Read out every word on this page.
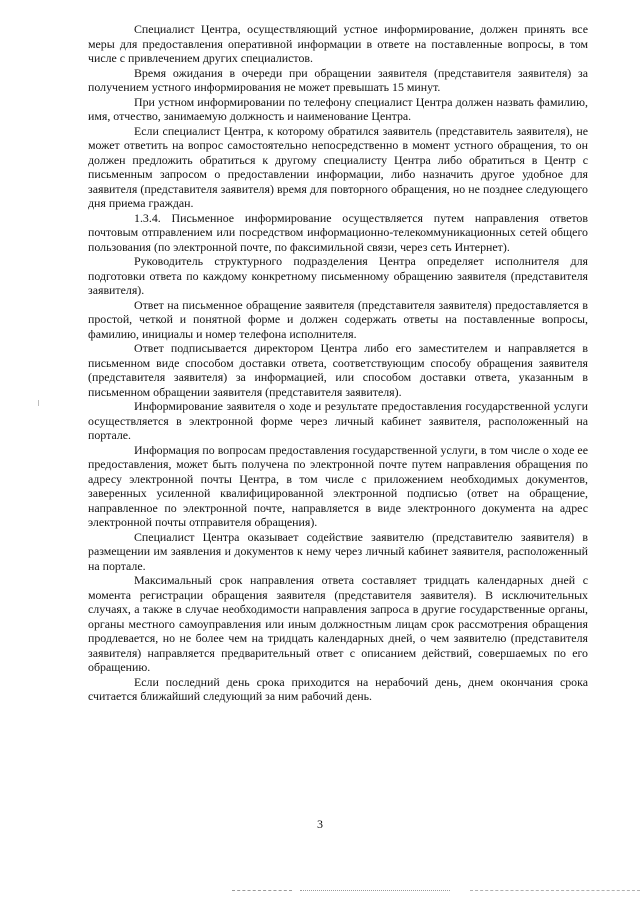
Специалист Центра, осуществляющий устное информирование, должен принять все меры для предоставления оперативной информации в ответе на поставленные вопросы, в том числе с привлечением других специалистов.

Время ожидания в очереди при обращении заявителя (представителя заявителя) за получением устного информирования не может превышать 15 минут.

При устном информировании по телефону специалист Центра должен назвать фамилию, имя, отчество, занимаемую должность и наименование Центра.

Если специалист Центра, к которому обратился заявитель (представитель заявителя), не может ответить на вопрос самостоятельно непосредственно в момент устного обращения, то он должен предложить обратиться к другому специалисту Центра либо обратиться в Центр с письменным запросом о предоставлении информации, либо назначить другое удобное для заявителя (представителя заявителя) время для повторного обращения, но не позднее следующего дня приема граждан.

1.3.4. Письменное информирование осуществляется путем направления ответов почтовым отправлением или посредством информационно-телекоммуникационных сетей общего пользования (по электронной почте, по факсимильной связи, через сеть Интернет).

Руководитель структурного подразделения Центра определяет исполнителя для подготовки ответа по каждому конкретному письменному обращению заявителя (представителя заявителя).

Ответ на письменное обращение заявителя (представителя заявителя) предоставляется в простой, четкой и понятной форме и должен содержать ответы на поставленные вопросы, фамилию, инициалы и номер телефона исполнителя.

Ответ подписывается директором Центра либо его заместителем и направляется в письменном виде способом доставки ответа, соответствующим способу обращения заявителя (представителя заявителя) за информацией, или способом доставки ответа, указанным в письменном обращении заявителя (представителя заявителя).

Информирование заявителя о ходе и результате предоставления государственной услуги осуществляется в электронной форме через личный кабинет заявителя, расположенный на портале.

Информация по вопросам предоставления государственной услуги, в том числе о ходе ее предоставления, может быть получена по электронной почте путем направления обращения по адресу электронной почты Центра, в том числе с приложением необходимых документов, заверенных усиленной квалифицированной электронной подписью (ответ на обращение, направленное по электронной почте, направляется в виде электронного документа на адрес электронной почты отправителя обращения).

Специалист Центра оказывает содействие заявителю (представителю заявителя) в размещении им заявления и документов к нему через личный кабинет заявителя, расположенный на портале.

Максимальный срок направления ответа составляет тридцать календарных дней с момента регистрации обращения заявителя (представителя заявителя). В исключительных случаях, а также в случае необходимости направления запроса в другие государственные органы, органы местного самоуправления или иным должностным лицам срок рассмотрения обращения продлевается, но не более чем на тридцать календарных дней, о чем заявителю (представителя заявителя) направляется предварительный ответ с описанием действий, совершаемых по его обращению.

Если последний день срока приходится на нерабочий день, днем окончания срока считается ближайший следующий за ним рабочий день.

3
